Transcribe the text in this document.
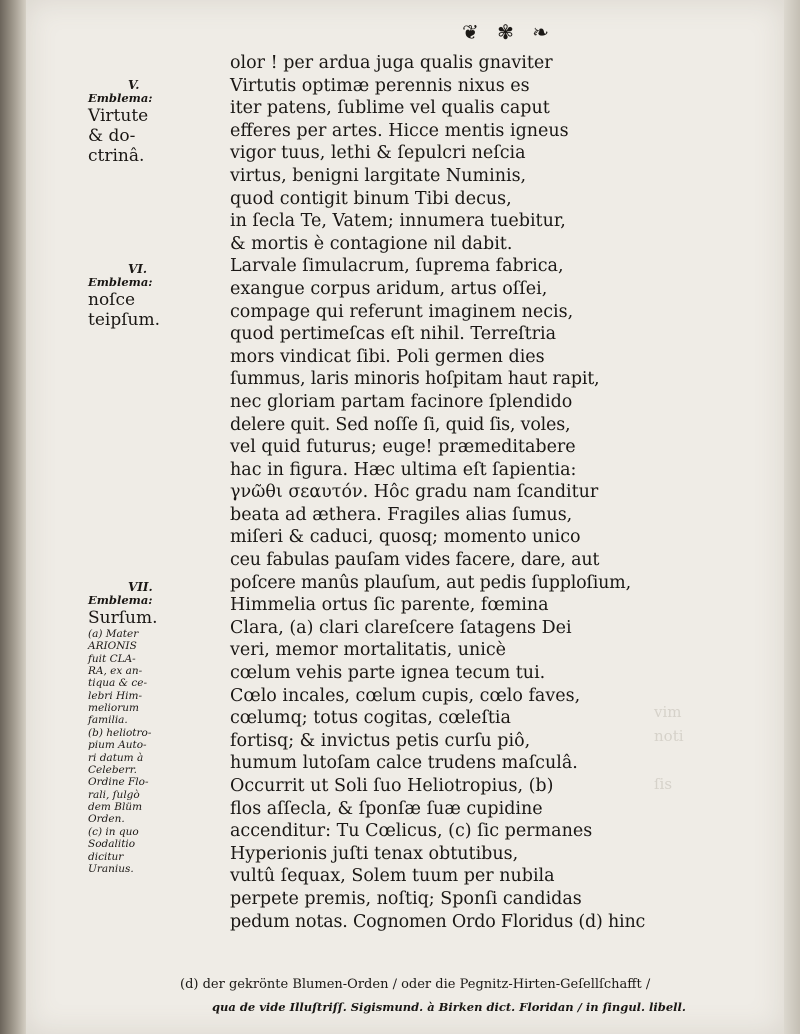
❦ ✾ ❧
V.
Emblema:
Virtute
& do-
ctrinâ.
VI.
Emblema:
noſce
teipſum.
VII.
Emblema:
Surſum.
(a) Mater
ARIONIS
fuit CLA-
RA, ex an-
tiqua & ce-
lebri Him-
meliorum
familia.
(b) heliotro-
pium Auto-
ri datum à
Celeberr.
Ordine Flo-
rali, ſulgò
dem Blüm
Orden.
(c) in quo
Sodalitio
dicitur
Uranius.
olor ! per ardua juga qualis gnaviter
Virtutis optimæ perennis nixus es
iter patens, ſublime vel qualis caput
efferes per artes. Hicce mentis igneus
vigor tuus, lethi & ſepulcri neſcia
virtus, benigni largitate Numinis,
quod contigit binum Tibi decus,
in ſecla Te, Vatem; innumera tuebitur,
& mortis è contagione nil dabit.
Larvale ſimulacrum, ſuprema fabrica,
exangue corpus aridum, artus oſſei,
compage qui referunt imaginem necis,
quod pertimeſcas eſt nihil. Terreſtria
mors vindicat ſibi. Poli germen dies
ſummus, laris minoris hoſpitam haut rapit,
nec gloriam partam facinore ſplendido
delere quit. Sed noſſe ſi, quid ſis, voles,
vel quid futurus; euge! præmeditabere
hac in figura. Hæc ultima eſt ſapientia:
γνῶθι σεαυτόν. Hôc gradu nam ſcanditur
beata ad æthera. Fragiles alias ſumus,
miſeri & caduci, quosq; momento unico
ceu fabulas pauſam vides facere, dare, aut
poſcere manûs plauſum, aut pedis ſupploſium,
Himmelia ortus ſic parente, fœmina
Clara, (a) clari clareſcere ſatagens Dei
veri, memor mortalitatis, unicè
cœlum vehis parte ignea tecum tui.
Cœlo incales, cœlum cupis, cœlo faves,
cœlumq; totus cogitas, cœleſtia
fortisq; & invictus petis curſu piô,
humum lutoſam calce trudens maſculâ.
Occurrit ut Soli ſuo Heliotropius, (b)
flos aſſecla, & ſponſæ ſuæ cupidine
accenditur: Tu Cœlicus, (c) ſic permanes
Hyperionis juſti tenax obtutibus,
vultû ſequax, Solem tuum per nubila
perpete premis, noſtiq; Sponſi candidas
pedum notas. Cognomen Ordo Floridus (d) hinc
vim
noti
ſis
(d) der gekrönte Blumen-Orden / oder die Pegnitz-Hirten-Geſellſchafft /
qua de vide Illuſtriſſ. Sigismund. à Birken dict. Floridan / in ſingul. libell.
